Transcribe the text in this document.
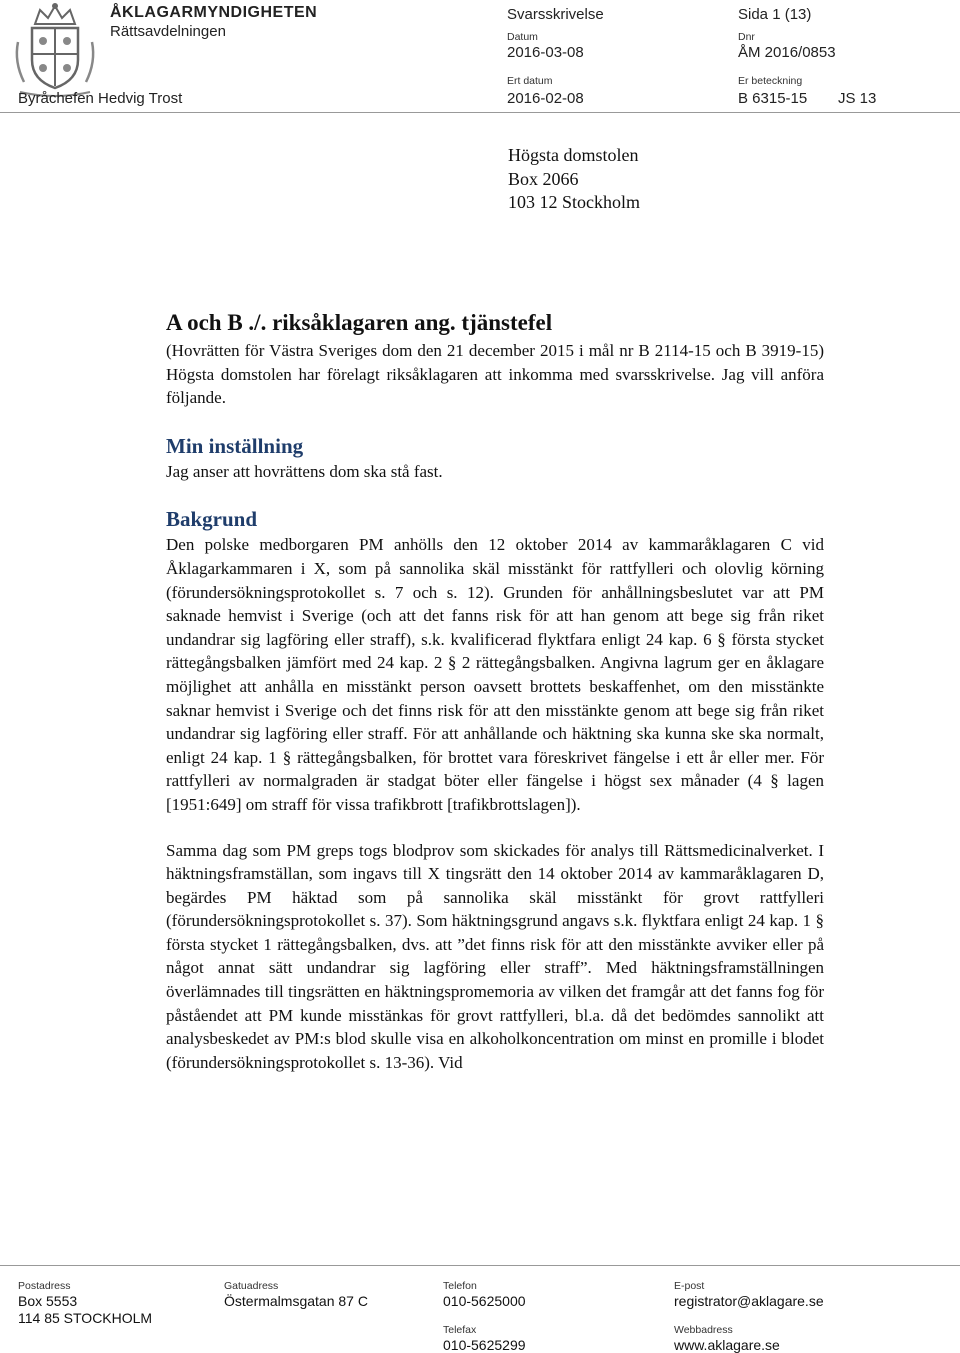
ÅKLAGARMYNDIGHETEN
Rättsavdelningen
Byråchefen Hedvig Trost
Svarsskrivelse	Sida 1 (13)
Datum
2016-03-08
Dnr
ÅM 2016/0853
Ert datum
2016-02-08
Er beteckning
B 6315-15 JS 13
Högsta domstolen
Box 2066
103 12 Stockholm
A och B ./. riksåklagaren ang. tjänstefel

(Hovrätten för Västra Sveriges dom den 21 december 2015 i mål nr B 2114-15 och B 3919-15) Högsta domstolen har förelagt riksåklagaren att inkomma med svarsskrivelse. Jag vill anföra följande.

Min inställning

Jag anser att hovrättens dom ska stå fast.

Bakgrund

Den polske medborgaren PM anhölls den 12 oktober 2014 av kammaråklagaren C vid Åklagarkammaren i X, som på sannolika skäl misstänkt för rattfylleri och olovlig körning (förundersökningsprotokollet s. 7 och s. 12). Grunden för anhållningsbeslutet var att PM saknade hemvist i Sverige (och att det fanns risk för att han genom att bege sig från riket undandrar sig lagföring eller straff), s.k. kvalificerad flyktfara enligt 24 kap. 6 § första stycket rättegångsbalken jämfört med 24 kap. 2 § 2 rättegångsbalken. Angivna lagrum ger en åklagare möjlighet att anhålla en misstänkt person oavsett brottets beskaffenhet, om den misstänkte saknar hemvist i Sverige och det finns risk för att den misstänkte genom att bege sig från riket undandrar sig lagföring eller straff. För att anhållande och häktning ska kunna ske ska normalt, enligt 24 kap. 1 § rättegångsbalken, för brottet vara föreskrivet fängelse i ett år eller mer. För rattfylleri av normalgraden är stadgat böter eller fängelse i högst sex månader (4 § lagen [1951:649] om straff för vissa trafikbrott [trafikbrottslagen]).

Samma dag som PM greps togs blodprov som skickades för analys till Rättsmedicinalverket. I häktningsframställan, som ingavs till X tingsrätt den 14 oktober 2014 av kammaråklagaren D, begärdes PM häktad som på sannolika skäl misstänkt för grovt rattfylleri (förundersökningsprotokollet s. 37). Som häktningsgrund angavs s.k. flyktfara enligt 24 kap. 1 § första stycket 1 rättegångsbalken, dvs. att ”det finns risk för att den misstänkte avviker eller på något annat sätt undandrar sig lagföring eller straff”. Med häktningsframställningen överlämnades till tingsrätten en häktningspromemoria av vilken det framgår att det fanns fog för påståendet att PM kunde misstänkas för grovt rattfylleri, bl.a. då det bedömdes sannolikt att analysbeskedet av PM:s blod skulle visa en alkoholkoncentration om minst en promille i blodet (förundersökningsprotokollet s. 13-36). Vid

Postadress
Box 5553
114 85 STOCKHOLM
Gatuadress
Östermalmsgatan 87 C
Telefon
010-5625000
Telefax
010-5625299
E-post
registrator@aklagare.se
Webbadress
www.aklagare.se
